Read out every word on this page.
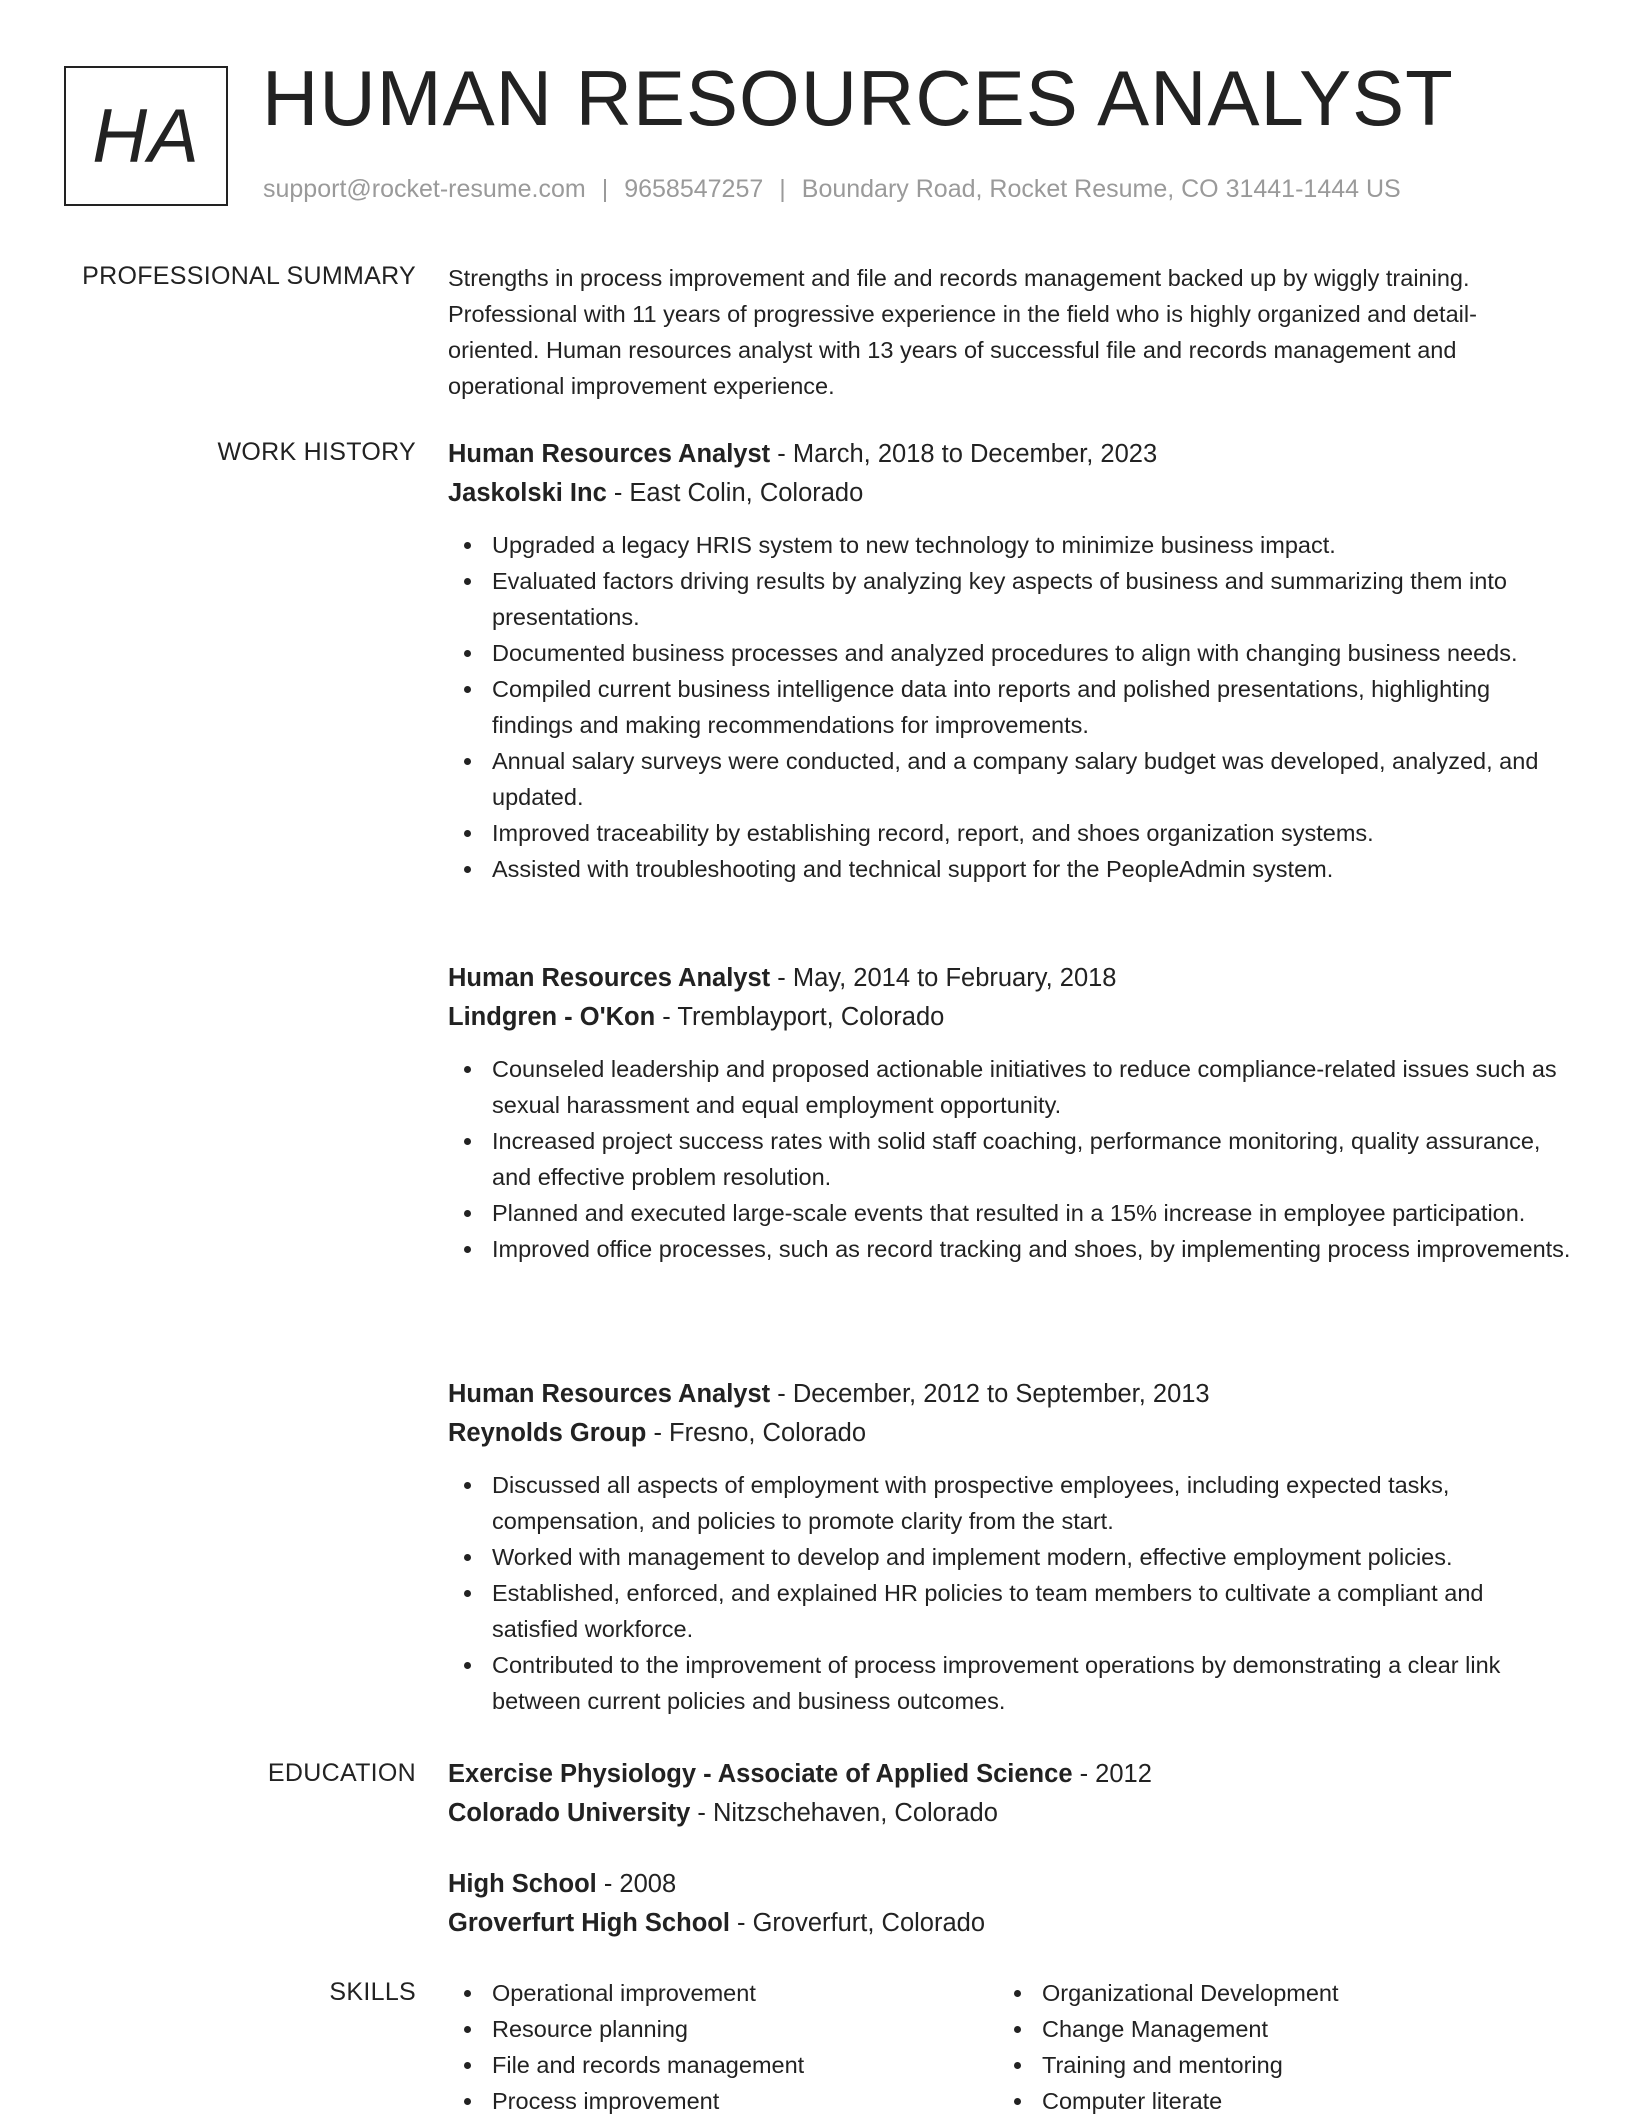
HA HUMAN RESOURCES ANALYST
support@rocket-resume.com | 9658547257 | Boundary Road, Rocket Resume, CO 31441-1444 US
PROFESSIONAL SUMMARY Strengths in process improvement and file and records management backed up by wiggly training.
Professional with 11 years of progressive experience in the field who is highly organized and detail-
oriented. Human resources analyst with 13 years of successful file and records management and
operational improvement experience.
WORK HISTORY Human Resources Analyst - March, 2018 to December, 2023
Jaskolski Inc - East Colin, Colorado
Upgraded a legacy HRIS system to new technology to minimize business impact.
Evaluated factors driving results by analyzing key aspects of business and summarizing them into presentations.
Documented business processes and analyzed procedures to align with changing business needs.
Compiled current business intelligence data into reports and polished presentations, highlighting findings and making recommendations for improvements.
Annual salary surveys were conducted, and a company salary budget was developed, analyzed, and updated.
Improved traceability by establishing record, report, and shoes organization systems.
Assisted with troubleshooting and technical support for the PeopleAdmin system.
Human Resources Analyst - May, 2014 to February, 2018
Lindgren - O'Kon - Tremblayport, Colorado
Counseled leadership and proposed actionable initiatives to reduce compliance-related issues such as sexual harassment and equal employment opportunity.
Increased project success rates with solid staff coaching, performance monitoring, quality assurance, and effective problem resolution.
Planned and executed large-scale events that resulted in a 15% increase in employee participation.
Improved office processes, such as record tracking and shoes, by implementing process improvements.
Human Resources Analyst - December, 2012 to September, 2013
Reynolds Group - Fresno, Colorado
Discussed all aspects of employment with prospective employees, including expected tasks, compensation, and policies to promote clarity from the start.
Worked with management to develop and implement modern, effective employment policies.
Established, enforced, and explained HR policies to team members to cultivate a compliant and satisfied workforce.
Contributed to the improvement of process improvement operations by demonstrating a clear link between current policies and business outcomes.
EDUCATION Exercise Physiology - Associate of Applied Science - 2012
Colorado University - Nitzschehaven, Colorado
High School - 2008
Groverfurt High School - Groverfurt, Colorado
SKILLS	Operational improvement
Resource planning
File and records management
Process improvement
Organizational Development
Change Management
Training and mentoring
Computer literate
